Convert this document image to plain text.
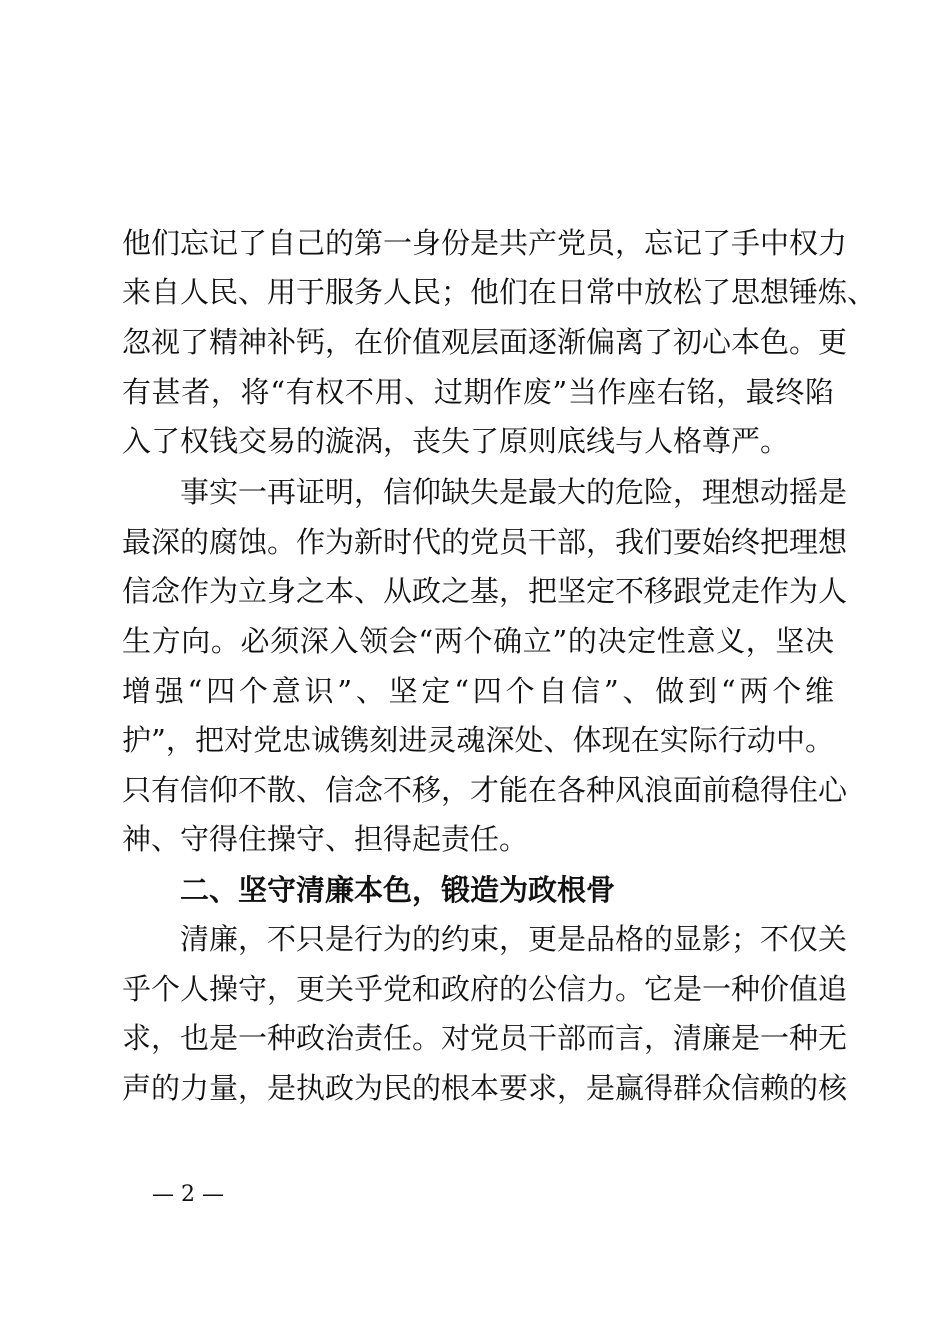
他们忘记了自己的第一身份是共产党员，忘记了手中权力
来自人民、用于服务人民；他们在日常中放松了思想锤炼、
忽视了精神补钙，在价值观层面逐渐偏离了初心本色。更
有甚者，将“有权不用、过期作废”当作座右铭，最终陷
入了权钱交易的漩涡，丧失了原则底线与人格尊严。
事实一再证明，信仰缺失是最大的危险，理想动摇是
最深的腐蚀。作为新时代的党员干部，我们要始终把理想
信念作为立身之本、从政之基，把坚定不移跟党走作为人
生方向。必须深入领会“两个确立”的决定性意义，坚决
增强“四个意识”、坚定“四个自信”、做到“两个维
护”，把对党忠诚镌刻进灵魂深处、体现在实际行动中。
只有信仰不散、信念不移，才能在各种风浪面前稳得住心
神、守得住操守、担得起责任。
二、坚守清廉本色，锻造为政根骨
清廉，不只是行为的约束，更是品格的显影；不仅关
乎个人操守，更关乎党和政府的公信力。它是一种价值追
求，也是一种政治责任。对党员干部而言，清廉是一种无
声的力量，是执政为民的根本要求，是赢得群众信赖的核
— 2 —
